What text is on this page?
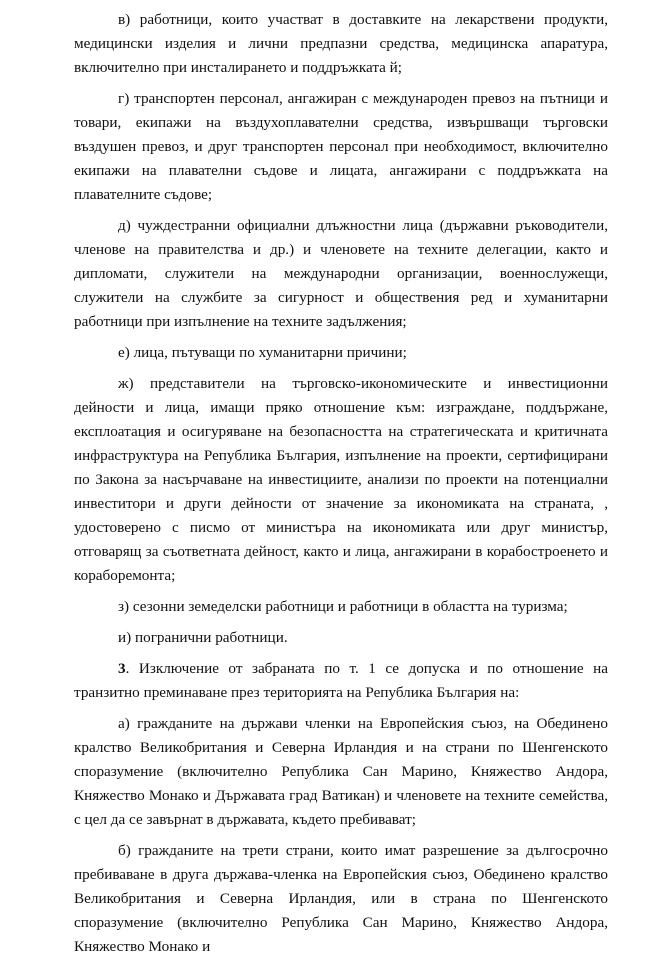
в) работници, които участват в доставките на лекарствени продукти, медицински изделия и лични предпазни средства, медицинска апаратура, включително при инсталирането и поддръжката й;

г) транспортен персонал, ангажиран с международен превоз на пътници и товари, екипажи на въздухоплавателни средства, извършващи търговски въздушен превоз, и друг транспортен персонал при необходимост, включително екипажи на плавателни съдове и лицата, ангажирани с поддръжката на плавателните съдове;

д) чуждестранни официални длъжностни лица (държавни ръководители, членове на правителства и др.) и членовете на техните делегации, както и дипломати, служители на международни организации, военнослужещи, служители на службите за сигурност и обществения ред и хуманитарни работници при изпълнение на техните задължения;

е) лица, пътуващи по хуманитарни причини;

ж) представители на търговско-икономическите и инвестиционни дейности и лица, имащи пряко отношение към: изграждане, поддържане, експлоатация и осигуряване на безопасността на стратегическата и критичната инфраструктура на Република България, изпълнение на проекти, сертифицирани по Закона за насърчаване на инвестициите, анализи по проекти на потенциални инвеститори и други дейности от значение за икономиката на страната, , удостоверено с писмо от министъра на икономиката или друг министър, отговарящ за съответната дейност, както и лица, ангажирани в корабостроенето и кораборемонта;

з) сезонни земеделски работници и работници в областта на туризма;

и) погранични работници.

3. Изключение от забраната по т. 1 се допуска и по отношение на транзитно преминаване през територията на Република България на:

а) гражданите на държави членки на Европейския съюз, на Обединено кралство Великобритания и Северна Ирландия и на страни по Шенгенското споразумение (включително Република Сан Марино, Княжество Андора, Княжество Монако и Държавата град Ватикан) и членовете на техните семейства, с цел да се завърнат в държавата, където пребивават;

б) гражданите на трети страни, които имат разрешение за дългосрочно пребиваване в друга държава-членка на Европейския съюз, Обединено кралство Великобритания и Северна Ирландия, или в страна по Шенгенското споразумение (включително Република Сан Марино, Княжество Андора, Княжество Монако и
